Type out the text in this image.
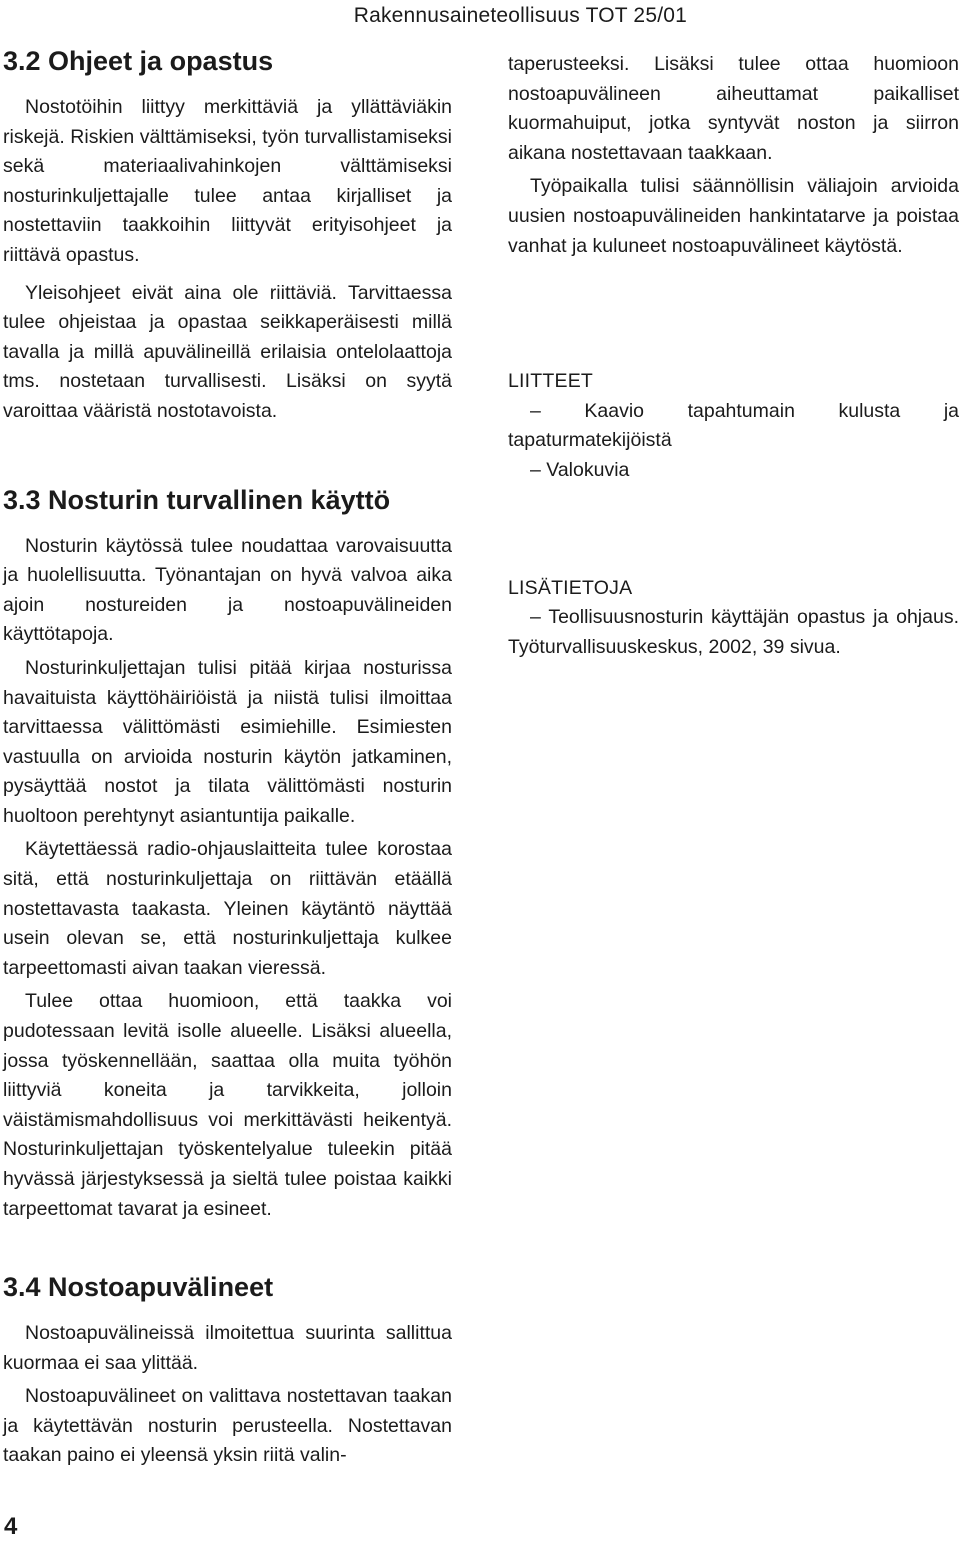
Rakennusaineteollisuus TOT 25/01
3.2 Ohjeet ja opastus

Nostotöihin liittyy merkittäviä ja yllättäviäkin riskejä. Riskien välttämiseksi, työn turvallistamiseksi sekä materiaalivahinkojen välttämiseksi nosturinkuljettajalle tulee antaa kirjalliset ja nostettaviin taakkoihin liittyvät erityisohjeet ja riittävä opastus.

Yleisohjeet eivät aina ole riittäviä. Tarvittaessa tulee ohjeistaa ja opastaa seikkaperäisesti millä tavalla ja millä apuvälineillä erilaisia ontelolaattoja tms. nostetaan turvallisesti. Lisäksi on syytä varoittaa vääristä nostotavoista.

3.3 Nosturin turvallinen käyttö

Nosturin käytössä tulee noudattaa varovaisuutta ja huolellisuutta. Työnantajan on hyvä valvoa aika ajoin nostureiden ja nostoapuvälineiden käyttötapoja.

Nosturinkuljettajan tulisi pitää kirjaa nosturissa havaituista käyttöhäiriöistä ja niistä tulisi ilmoittaa tarvittaessa välittömästi esimiehille. Esimiesten vastuulla on arvioida nosturin käytön jatkaminen, pysäyttää nostot ja tilata välittömästi nosturin huoltoon perehtynyt asiantuntija paikalle.

Käytettäessä radio-ohjauslaitteita tulee korostaa sitä, että nosturinkuljettaja on riittävän etäällä nostettavasta taakasta. Yleinen käytäntö näyttää usein olevan se, että nosturinkuljettaja kulkee tarpeettomasti aivan taakan vieressä.

Tulee ottaa huomioon, että taakka voi pudotessaan levitä isolle alueelle. Lisäksi alueella, jossa työskennellään, saattaa olla muita työhön liittyviä koneita ja tarvikkeita, jolloin väistämismahdollisuus voi merkittävästi heikentyä. Nosturinkuljettajan työskentelyalue tuleekin pitää hyvässä järjestyksessä ja sieltä tulee poistaa kaikki tarpeettomat tavarat ja esineet.

3.4 Nostoapuvälineet

Nostoapuvälineissä ilmoitettua suurinta sallittua kuormaa ei saa ylittää.

Nostoapuvälineet on valittava nostettavan taakan ja käytettävän nosturin perusteella. Nostettavan taakan paino ei yleensä yksin riitä valin-

taperusteeksi. Lisäksi tulee ottaa huomioon nostoapuvälineen aiheuttamat paikalliset kuormahuiput, jotka syntyvät noston ja siirron aikana nostettavaan taakkaan.

Työpaikalla tulisi säännöllisin väliajoin arvioida uusien nostoapuvälineiden hankintatarve ja poistaa vanhat ja kuluneet nostoapuvälineet käytöstä.

LIITTEET
– Kaavio tapahtumain kulusta ja tapaturmatekijöistä
– Valokuvia
LISÄTIETOJA
– Teollisuusnosturin käyttäjän opastus ja ohjaus. Työturvallisuuskeskus, 2002, 39 sivua.
4
